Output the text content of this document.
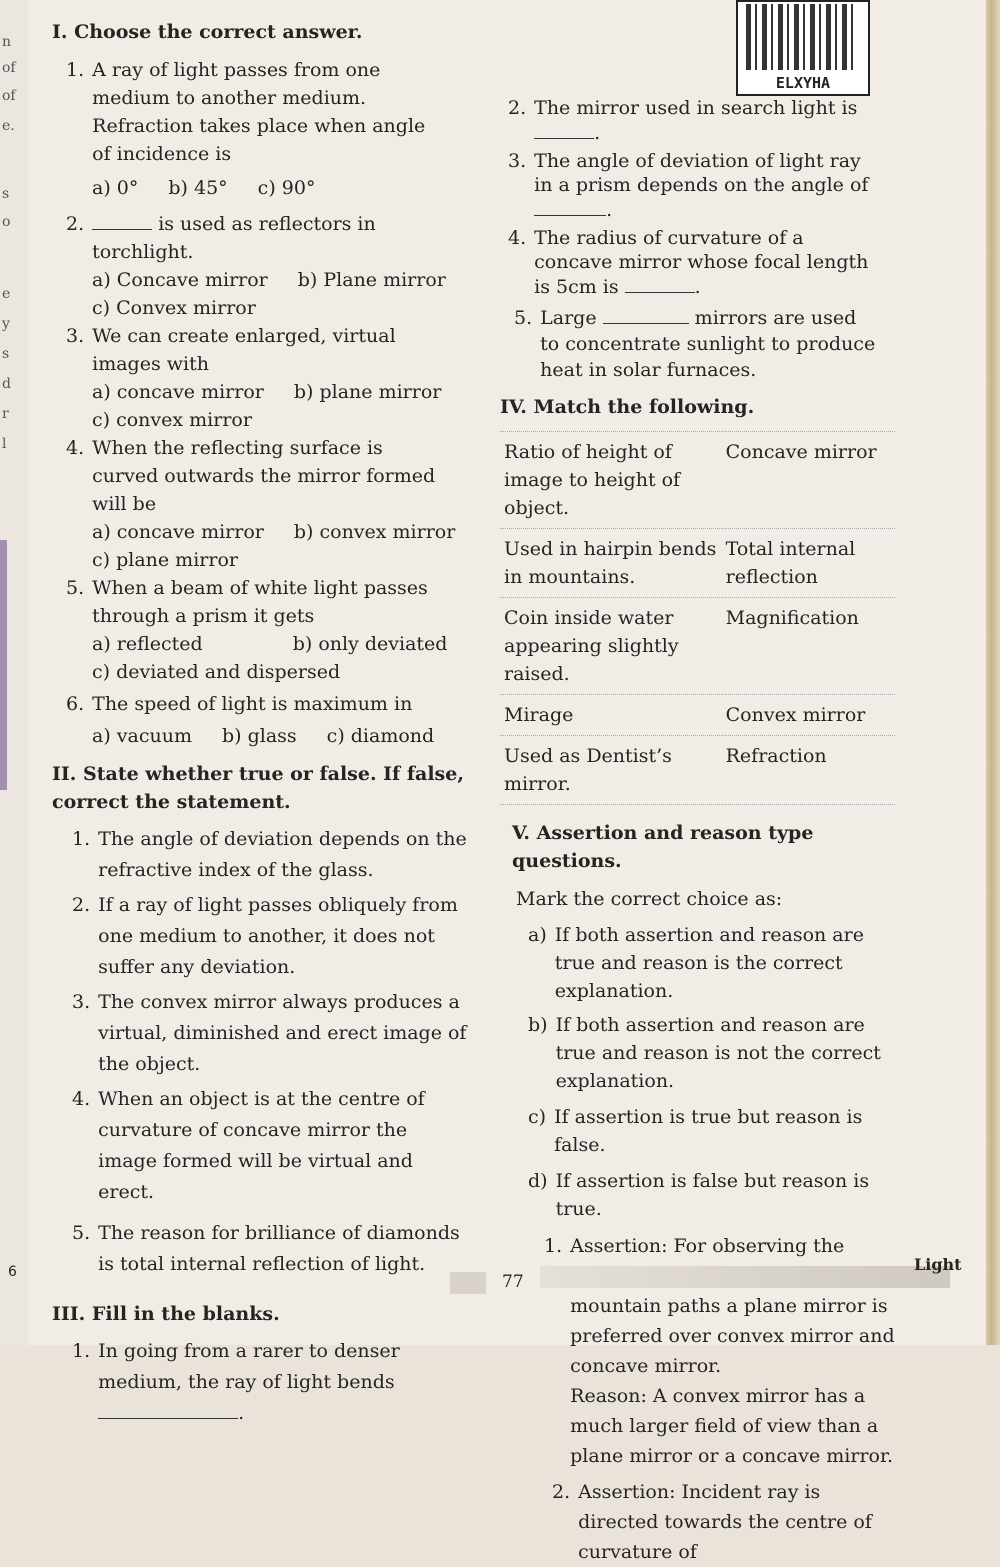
n
of
of
e.
s
o
e
y
s
d
r
l
ELXYHA
I. Choose the correct answer.
1. A ray of light passes from one medium to another medium. Refraction takes place when angle of incidence is
a) 0° b) 45° c) 90°
2.	is used as reflectors in torchlight.
a) Concave mirror b) Plane mirror
c) Convex mirror
3. We can create enlarged, virtual images with
a) concave mirror b) plane mirror
c) convex mirror
4. When the reflecting surface is curved outwards the mirror formed will be
a) concave mirror b) convex mirror
c) plane mirror
5. When a beam of white light passes through a prism it gets
a) reflected	b) only deviated
c) deviated and dispersed
6. The speed of light is maximum in
a) vacuum b) glass c) diamond
II. State whether true or false. If false, correct the statement.
1. The angle of deviation depends on the refractive index of the glass.
2. If a ray of light passes obliquely from one medium to another, it does not suffer any deviation.
3. The convex mirror always produces a virtual, diminished and erect image of the object.
4. When an object is at the centre of curvature of concave mirror the image formed will be virtual and erect.
5. The reason for brilliance of diamonds is total internal reflection of light.
III. Fill in the blanks.
1. In going from a rarer to denser medium, the ray of light bends .
2. The mirror used in search light is .
3. The angle of deviation of light ray in a prism depends on the angle of .
4. The radius of curvature of a concave mirror whose focal length is 5cm is	.
5. Large	mirrors are used to concentrate sunlight to produce heat in solar furnaces.
IV. Match the following.
Ratio of height of image to height of object.	Concave mirror
Used in hairpin bends in mountains.	Total internal reflection
Coin inside water appearing slightly raised.	Magnification
Mirage	Convex mirror
Used as Dentist’s mirror.	Refraction
V. Assertion and reason type questions.
Mark the correct choice as:
a) If both assertion and reason are true and reason is the correct explanation.
b) If both assertion and reason are true and reason is not the correct explanation.
c) If assertion is true but reason is false.
d) If assertion is false but reason is true.
1. Assertion: For observing the mountain paths a plane mirror is preferred over convex mirror and concave mirror.
Reason: A convex mirror has a much larger field of view than a plane mirror or a concave mirror.
2. Assertion: Incident ray is directed towards the centre of curvature of
77
Light
6
